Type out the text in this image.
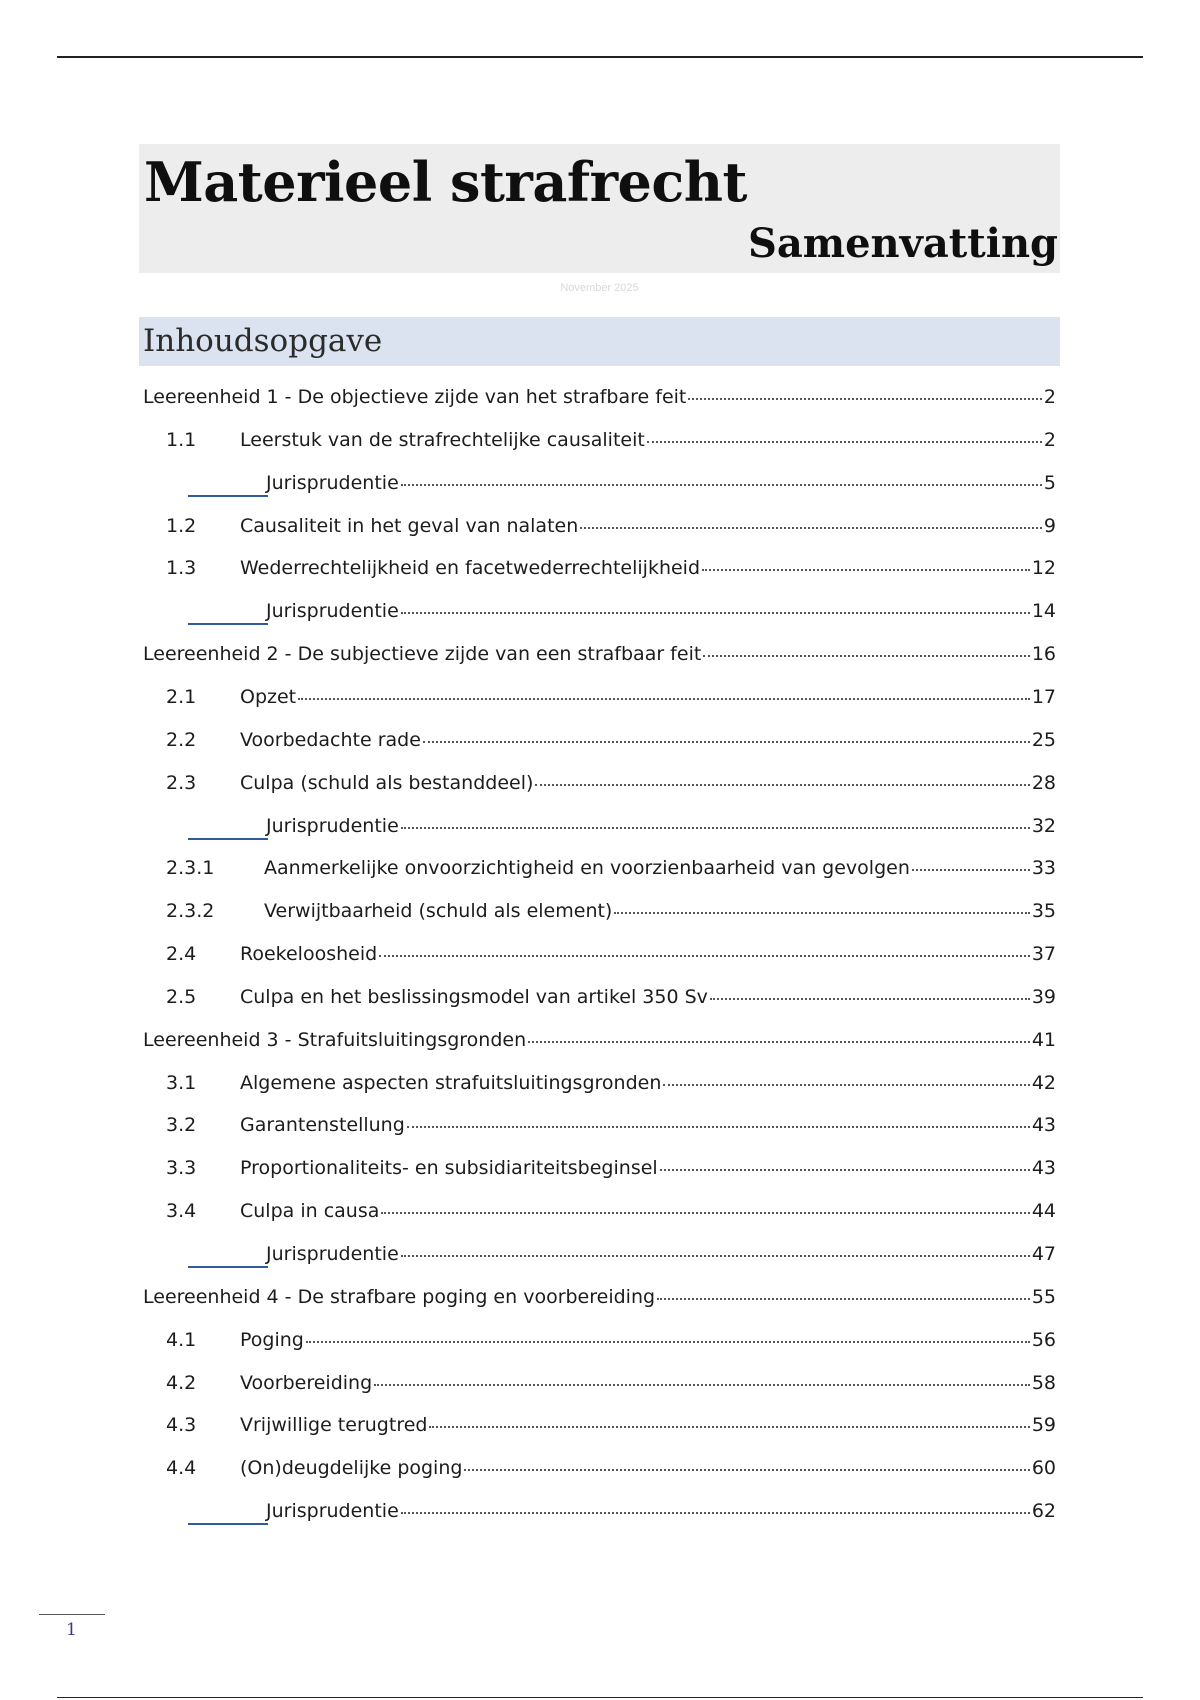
Materieel strafrecht
Samenvatting
November 2025
Inhoudsopgave
Leereenheid 1 - De objectieve zijde van het strafbare feit	2
1.1 Leerstuk van de strafrechtelijke causaliteit	2
Jurisprudentie	5
1.2 Causaliteit in het geval van nalaten	9
1.3 Wederrechtelijkheid en facetwederrechtelijkheid	12
Jurisprudentie	14
Leereenheid 2 - De subjectieve zijde van een strafbaar feit	16
2.1 Opzet	17
2.2 Voorbedachte rade	25
2.3 Culpa (schuld als bestanddeel)	28
Jurisprudentie	32
2.3.1	Aanmerkelijke onvoorzichtigheid en voorzienbaarheid van gevolgen	33
2.3.2	Verwijtbaarheid (schuld als element)	35
2.4 Roekeloosheid	37
2.5 Culpa en het beslissingsmodel van artikel 350 Sv	39
Leereenheid 3 - Strafuitsluitingsgronden	41
3.1 Algemene aspecten strafuitsluitingsgronden	42
3.2 Garantenstellung	43
3.3 Proportionaliteits- en subsidiariteitsbeginsel	43
3.4 Culpa in causa	44
Jurisprudentie	47
Leereenheid 4 - De strafbare poging en voorbereiding	55
4.1 Poging	56
4.2 Voorbereiding	58
4.3 Vrijwillige terugtred	59
4.4 (On)deugdelijke poging	60
Jurisprudentie	62
1
